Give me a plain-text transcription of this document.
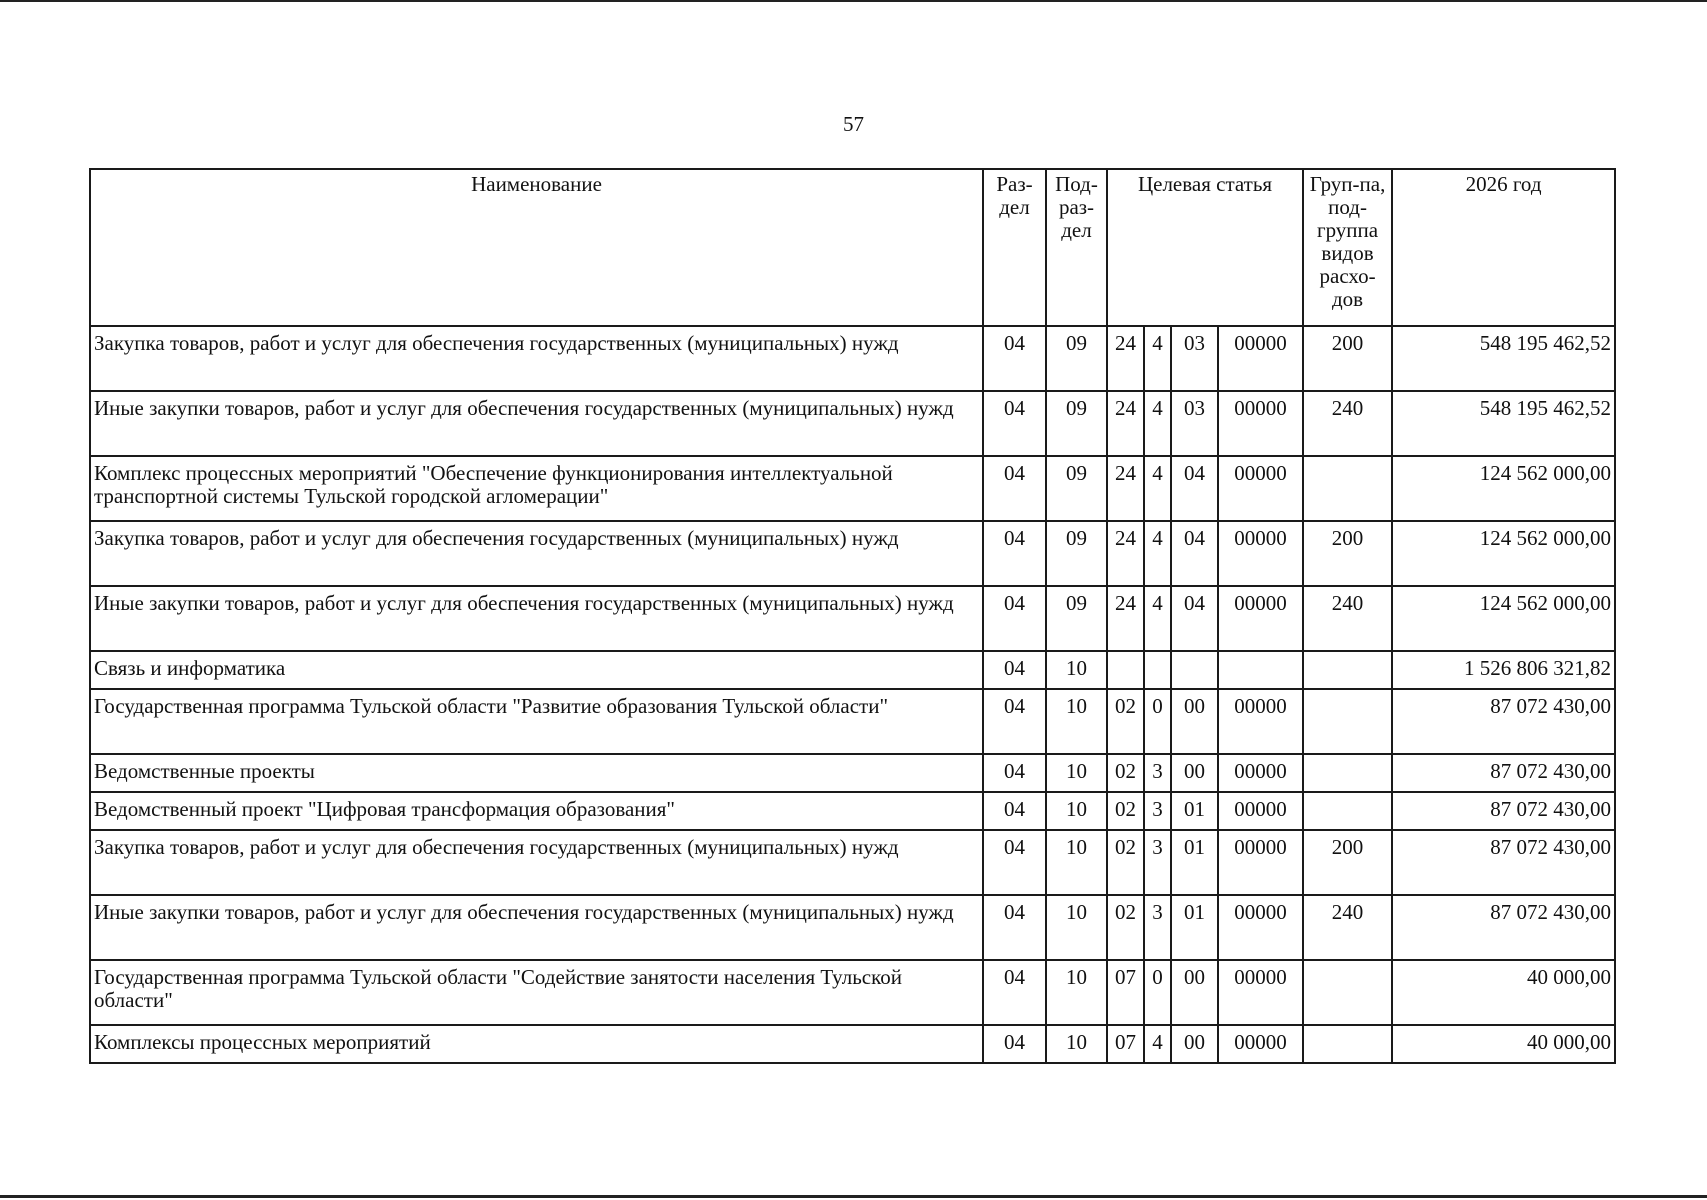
57
Наименование	Раз-дел	Под-раз-дел	Целевая статья				Груп-па, под-группа видов расхо-дов	2026 год
Закупка товаров, работ и услуг для обеспечения государственных (муниципальных) нужд	04	09	24	4	03	00000	200	548 195 462,52
Иные закупки товаров, работ и услуг для обеспечения государственных (муниципальных) нужд	04	09	24	4	03	00000	240	548 195 462,52
Комплекс процессных мероприятий "Обеспечение функционирования интеллектуальной транспортной системы Тульской городской агломерации"	04	09	24	4	04	00000		124 562 000,00
Закупка товаров, работ и услуг для обеспечения государственных (муниципальных) нужд	04	09	24	4	04	00000	200	124 562 000,00
Иные закупки товаров, работ и услуг для обеспечения государственных (муниципальных) нужд	04	09	24	4	04	00000	240	124 562 000,00
Связь и информатика	04	10						1 526 806 321,82
Государственная программа Тульской области "Развитие образования Тульской области"	04	10	02	0	00	00000		87 072 430,00
Ведомственные проекты	04	10	02	3	00	00000		87 072 430,00
Ведомственный проект "Цифровая трансформация образования"	04	10	02	3	01	00000		87 072 430,00
Закупка товаров, работ и услуг для обеспечения государственных (муниципальных) нужд	04	10	02	3	01	00000	200	87 072 430,00
Иные закупки товаров, работ и услуг для обеспечения государственных (муниципальных) нужд	04	10	02	3	01	00000	240	87 072 430,00
Государственная программа Тульской области "Содействие занятости населения Тульской области"	04	10	07	0	00	00000		40 000,00
Комплексы процессных мероприятий	04	10	07	4	00	00000		40 000,00
